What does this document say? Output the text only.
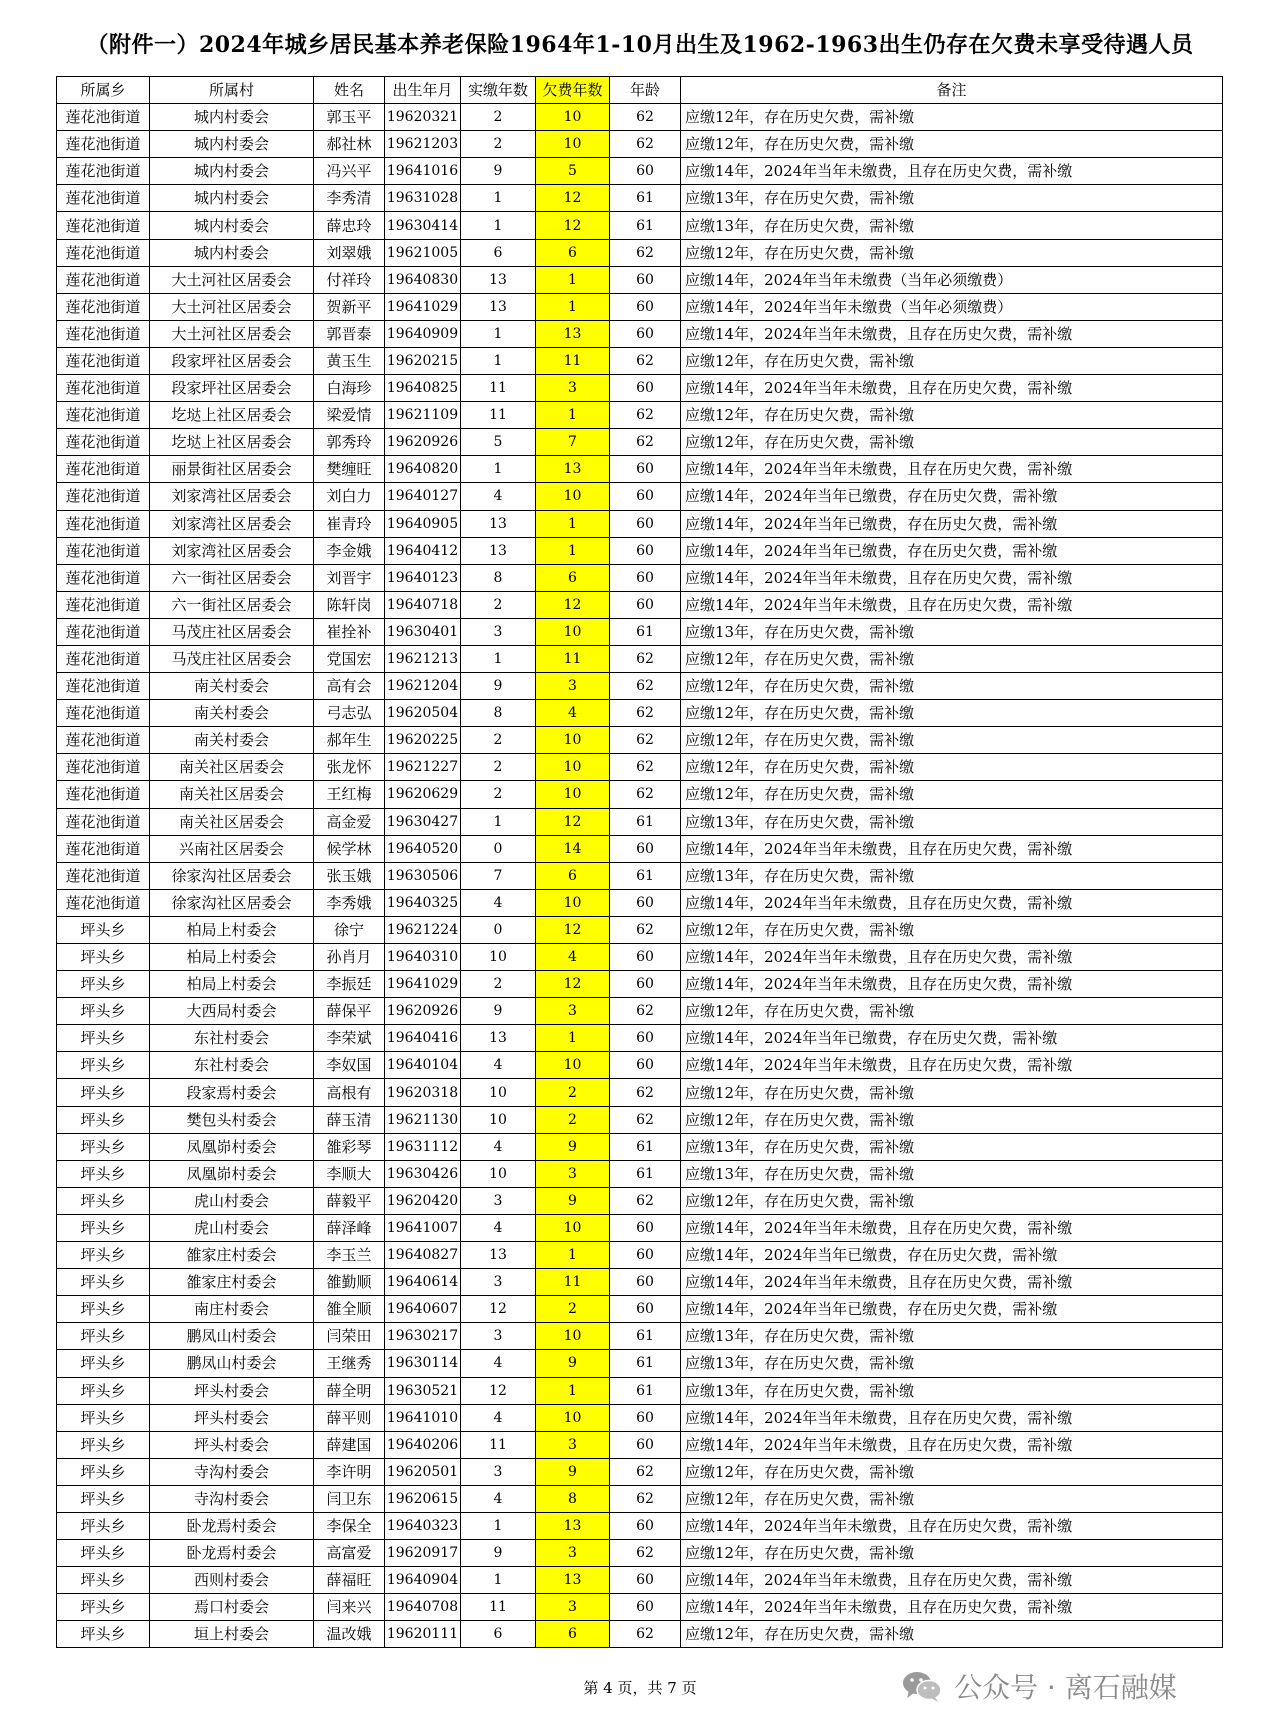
（附件一）2024年城乡居民基本养老保险1964年1-10月出生及1962-1963出生仍存在欠费未享受待遇人员
所属乡	所属村	姓名	出生年月	实缴年数	欠费年数	年龄	备注
莲花池街道	城内村委会	郭玉平	19620321	2	10	62	应缴12年，存在历史欠费，需补缴
莲花池街道	城内村委会	郝社林	19621203	2	10	62	应缴12年，存在历史欠费，需补缴
莲花池街道	城内村委会	冯兴平	19641016	9	5	60	应缴14年，2024年当年未缴费，且存在历史欠费，需补缴
莲花池街道	城内村委会	李秀清	19631028	1	12	61	应缴13年，存在历史欠费，需补缴
莲花池街道	城内村委会	薛忠玲	19630414	1	12	61	应缴13年，存在历史欠费，需补缴
莲花池街道	城内村委会	刘翠娥	19621005	6	6	62	应缴12年，存在历史欠费，需补缴
莲花池街道	大土河社区居委会	付祥玲	19640830	13	1	60	应缴14年，2024年当年未缴费（当年必须缴费）
莲花池街道	大土河社区居委会	贺新平	19641029	13	1	60	应缴14年，2024年当年未缴费（当年必须缴费）
莲花池街道	大土河社区居委会	郭晋泰	19640909	1	13	60	应缴14年，2024年当年未缴费，且存在历史欠费，需补缴
莲花池街道	段家坪社区居委会	黄玉生	19620215	1	11	62	应缴12年，存在历史欠费，需补缴
莲花池街道	段家坪社区居委会	白海珍	19640825	11	3	60	应缴14年，2024年当年未缴费，且存在历史欠费，需补缴
莲花池街道	圪垯上社区居委会	梁爱情	19621109	11	1	62	应缴12年，存在历史欠费，需补缴
莲花池街道	圪垯上社区居委会	郭秀玲	19620926	5	7	62	应缴12年，存在历史欠费，需补缴
莲花池街道	丽景街社区居委会	樊缠旺	19640820	1	13	60	应缴14年，2024年当年未缴费，且存在历史欠费，需补缴
莲花池街道	刘家湾社区居委会	刘白力	19640127	4	10	60	应缴14年，2024年当年已缴费，存在历史欠费，需补缴
莲花池街道	刘家湾社区居委会	崔青玲	19640905	13	1	60	应缴14年，2024年当年已缴费，存在历史欠费，需补缴
莲花池街道	刘家湾社区居委会	李金娥	19640412	13	1	60	应缴14年，2024年当年已缴费，存在历史欠费，需补缴
莲花池街道	六一街社区居委会	刘晋宇	19640123	8	6	60	应缴14年，2024年当年未缴费，且存在历史欠费，需补缴
莲花池街道	六一街社区居委会	陈轩岗	19640718	2	12	60	应缴14年，2024年当年未缴费，且存在历史欠费，需补缴
莲花池街道	马茂庄社区居委会	崔拴补	19630401	3	10	61	应缴13年，存在历史欠费，需补缴
莲花池街道	马茂庄社区居委会	党国宏	19621213	1	11	62	应缴12年，存在历史欠费，需补缴
莲花池街道	南关村委会	高有会	19621204	9	3	62	应缴12年，存在历史欠费，需补缴
莲花池街道	南关村委会	弓志弘	19620504	8	4	62	应缴12年，存在历史欠费，需补缴
莲花池街道	南关村委会	郝年生	19620225	2	10	62	应缴12年，存在历史欠费，需补缴
莲花池街道	南关社区居委会	张龙怀	19621227	2	10	62	应缴12年，存在历史欠费，需补缴
莲花池街道	南关社区居委会	王红梅	19620629	2	10	62	应缴12年，存在历史欠费，需补缴
莲花池街道	南关社区居委会	高金爱	19630427	1	12	61	应缴13年，存在历史欠费，需补缴
莲花池街道	兴南社区居委会	候学林	19640520	0	14	60	应缴14年，2024年当年未缴费，且存在历史欠费，需补缴
莲花池街道	徐家沟社区居委会	张玉娥	19630506	7	6	61	应缴13年，存在历史欠费，需补缴
莲花池街道	徐家沟社区居委会	李秀娥	19640325	4	10	60	应缴14年，2024年当年未缴费，且存在历史欠费，需补缴
坪头乡	柏局上村委会	徐宁	19621224	0	12	62	应缴12年，存在历史欠费，需补缴
坪头乡	柏局上村委会	孙肖月	19640310	10	4	60	应缴14年，2024年当年未缴费，且存在历史欠费，需补缴
坪头乡	柏局上村委会	李振廷	19641029	2	12	60	应缴14年，2024年当年未缴费，且存在历史欠费，需补缴
坪头乡	大西局村委会	薛保平	19620926	9	3	62	应缴12年，存在历史欠费，需补缴
坪头乡	东社村委会	李荣斌	19640416	13	1	60	应缴14年，2024年当年已缴费，存在历史欠费，需补缴
坪头乡	东社村委会	李奴国	19640104	4	10	60	应缴14年，2024年当年未缴费，且存在历史欠费，需补缴
坪头乡	段家焉村委会	高根有	19620318	10	2	62	应缴12年，存在历史欠费，需补缴
坪头乡	樊包头村委会	薛玉清	19621130	10	2	62	应缴12年，存在历史欠费，需补缴
坪头乡	凤凰峁村委会	雒彩琴	19631112	4	9	61	应缴13年，存在历史欠费，需补缴
坪头乡	凤凰峁村委会	李顺大	19630426	10	3	61	应缴13年，存在历史欠费，需补缴
坪头乡	虎山村委会	薛毅平	19620420	3	9	62	应缴12年，存在历史欠费，需补缴
坪头乡	虎山村委会	薛泽峰	19641007	4	10	60	应缴14年，2024年当年未缴费，且存在历史欠费，需补缴
坪头乡	雒家庄村委会	李玉兰	19640827	13	1	60	应缴14年，2024年当年已缴费，存在历史欠费，需补缴
坪头乡	雒家庄村委会	雒勤顺	19640614	3	11	60	应缴14年，2024年当年未缴费，且存在历史欠费，需补缴
坪头乡	南庄村委会	雒全顺	19640607	12	2	60	应缴14年，2024年当年已缴费，存在历史欠费，需补缴
坪头乡	鹏凤山村委会	闫荣田	19630217	3	10	61	应缴13年，存在历史欠费，需补缴
坪头乡	鹏凤山村委会	王继秀	19630114	4	9	61	应缴13年，存在历史欠费，需补缴
坪头乡	坪头村委会	薛全明	19630521	12	1	61	应缴13年，存在历史欠费，需补缴
坪头乡	坪头村委会	薛平则	19641010	4	10	60	应缴14年，2024年当年未缴费，且存在历史欠费，需补缴
坪头乡	坪头村委会	薛建国	19640206	11	3	60	应缴14年，2024年当年未缴费，且存在历史欠费，需补缴
坪头乡	寺沟村委会	李许明	19620501	3	9	62	应缴12年，存在历史欠费，需补缴
坪头乡	寺沟村委会	闫卫东	19620615	4	8	62	应缴12年，存在历史欠费，需补缴
坪头乡	卧龙焉村委会	李保全	19640323	1	13	60	应缴14年，2024年当年未缴费，且存在历史欠费，需补缴
坪头乡	卧龙焉村委会	高富爱	19620917	9	3	62	应缴12年，存在历史欠费，需补缴
坪头乡	西则村委会	薛福旺	19640904	1	13	60	应缴14年，2024年当年未缴费，且存在历史欠费，需补缴
坪头乡	焉口村委会	闫来兴	19640708	11	3	60	应缴14年，2024年当年未缴费，且存在历史欠费，需补缴
坪头乡	垣上村委会	温改娥	19620111	6	6	62	应缴12年，存在历史欠费，需补缴
第 4 页，共 7 页	公众号 · 离石融媒
